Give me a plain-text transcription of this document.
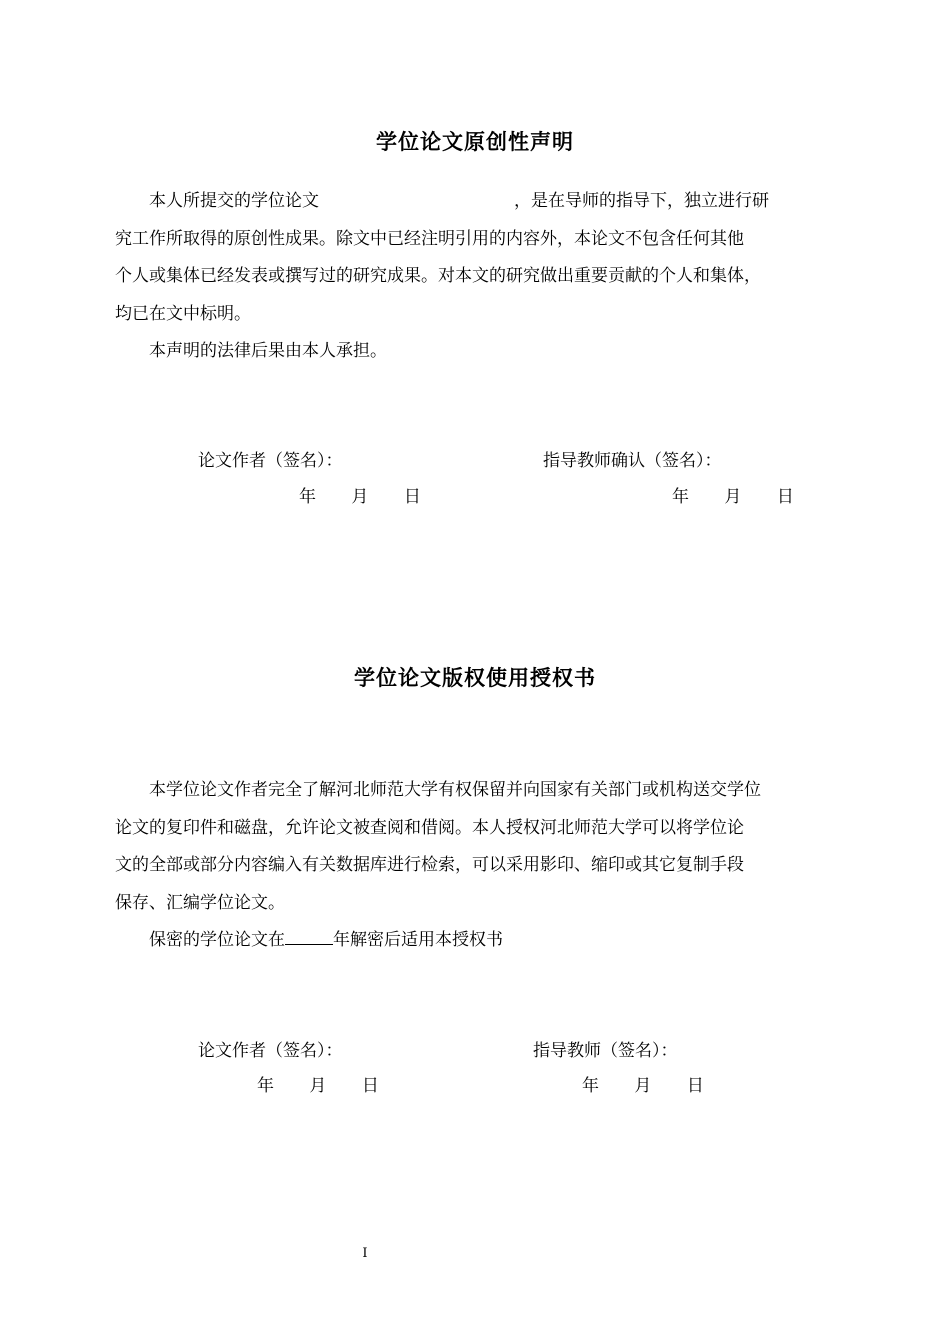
学位论文原创性声明
本人所提交的学位论文	，是在导师的指导下，独立进行研
究工作所取得的原创性成果。除文中已经注明引用的内容外，本论文不包含任何其他
个人或集体已经发表或撰写过的研究成果。对本文的研究做出重要贡献的个人和集体，
均已在文中标明。
本声明的法律后果由本人承担。
论文作者（签名）：	指导教师确认（签名）：
年 月 日	年 月 日
学位论文版权使用授权书
本学位论文作者完全了解河北师范大学有权保留并向国家有关部门或机构送交学位
论文的复印件和磁盘，允许论文被查阅和借阅。本人授权河北师范大学可以将学位论
文的全部或部分内容编入有关数据库进行检索，可以采用影印、缩印或其它复制手段
保存、汇编学位论文。
保密的学位论文在	年解密后适用本授权书
论文作者（签名）：	指导教师（签名）：
年 月 日	年 月 日
I
